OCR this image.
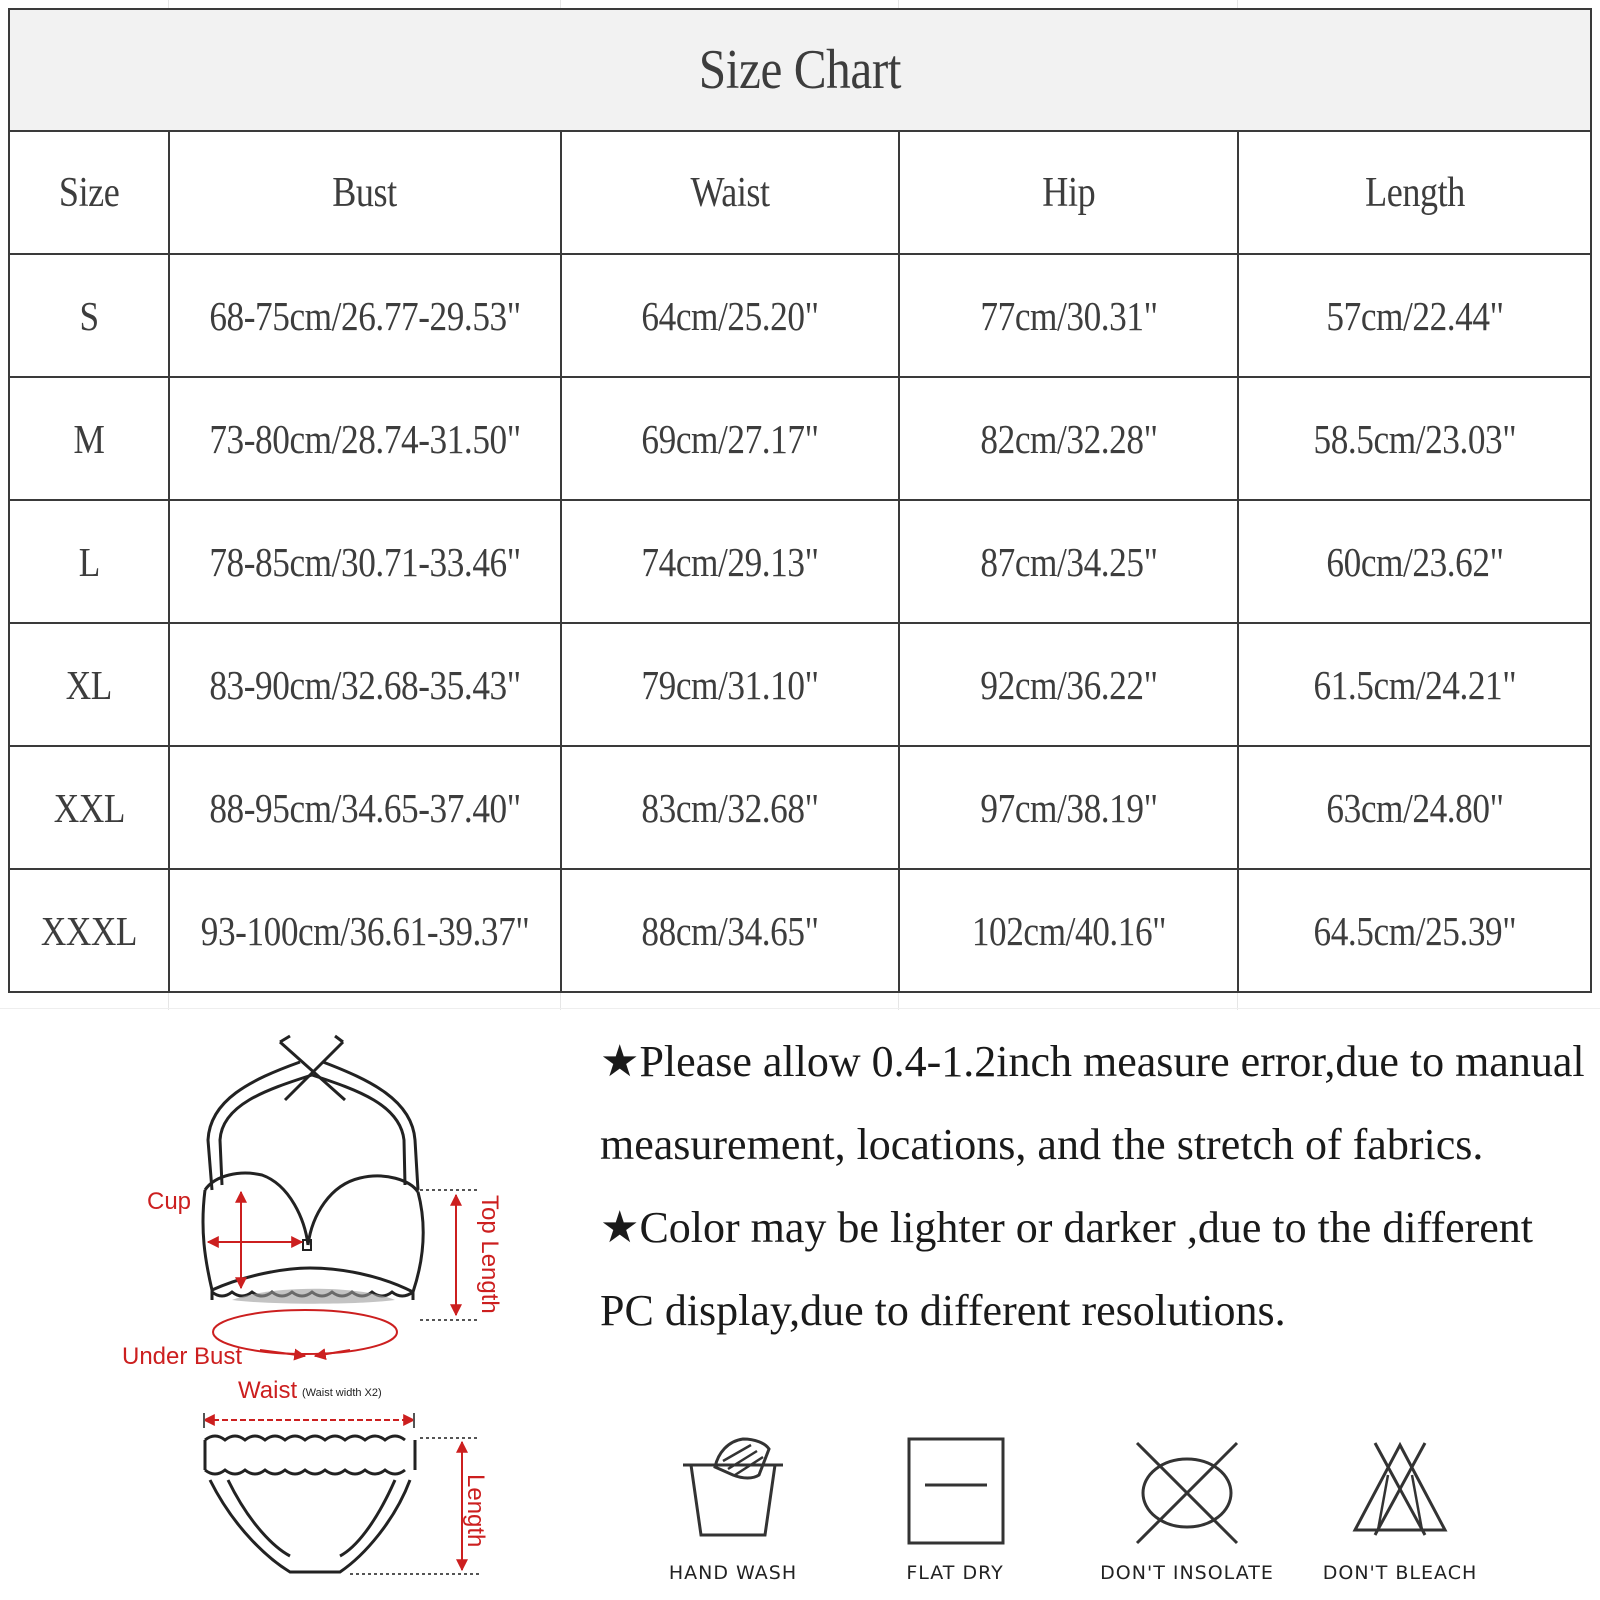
Size Chart				
Size	Bust	Waist	Hip	Length
S	68-75cm/26.77-29.53"	64cm/25.20"	77cm/30.31"	57cm/22.44"
M	73-80cm/28.74-31.50"	69cm/27.17"	82cm/32.28"	58.5cm/23.03"
L	78-85cm/30.71-33.46"	74cm/29.13"	87cm/34.25"	60cm/23.62"
XL	83-90cm/32.68-35.43"	79cm/31.10"	92cm/36.22"	61.5cm/24.21"
XXL	88-95cm/34.65-37.40"	83cm/32.68"	97cm/38.19"	63cm/24.80"
XXXL	93-100cm/36.61-39.37"	88cm/34.65"	102cm/40.16"	64.5cm/25.39"
Cup	Top Length
Under Bust
Waist (Waist width X2)
Length

★Please allow 0.4-1.2inch measure error,due to manual measurement, locations, and the stretch of fabrics.

★Color may be lighter or darker ,due to the different PC display,due to different resolutions.

HAND WASH	FLAT DRY	DON'T INSOLATE	DON'T BLEACH
